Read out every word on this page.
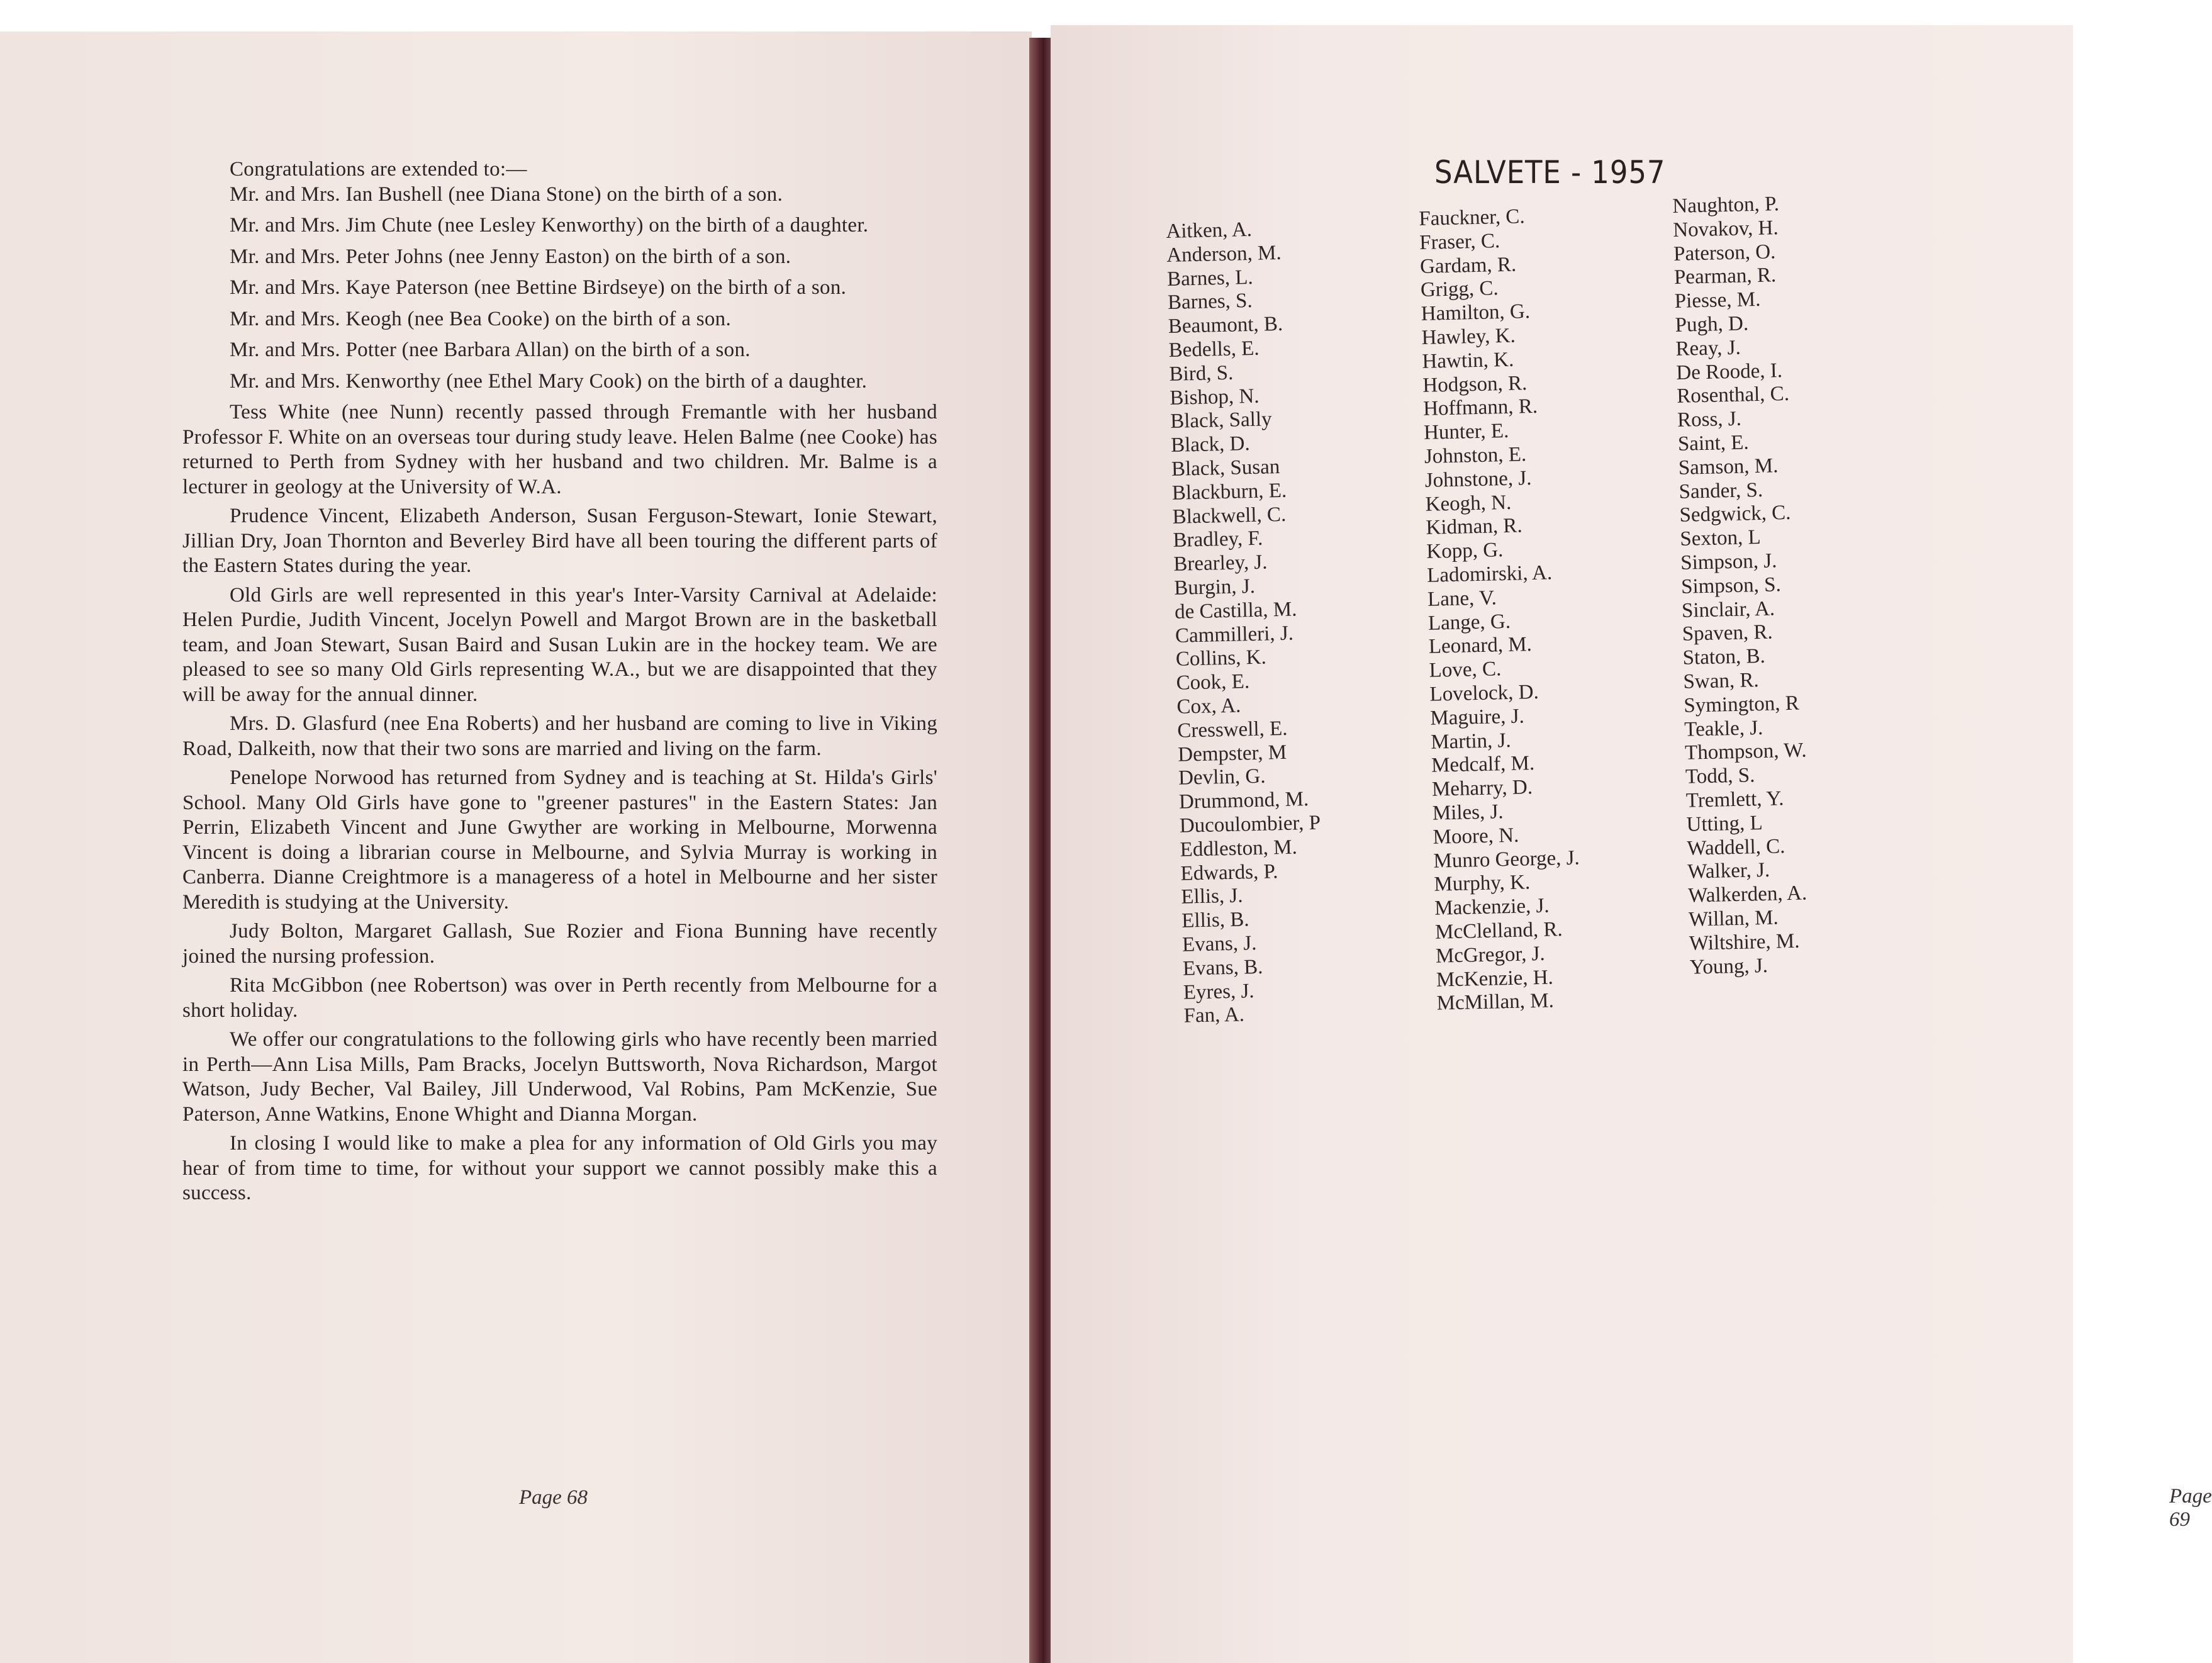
Congratulations are extended to:—

Mr. and Mrs. Ian Bushell (nee Diana Stone) on the birth of a son.

Mr. and Mrs. Jim Chute (nee Lesley Kenworthy) on the birth of a daughter.

Mr. and Mrs. Peter Johns (nee Jenny Easton) on the birth of a son.

Mr. and Mrs. Kaye Paterson (nee Bettine Birdseye) on the birth of a son.

Mr. and Mrs. Keogh (nee Bea Cooke) on the birth of a son.

Mr. and Mrs. Potter (nee Barbara Allan) on the birth of a son.

Mr. and Mrs. Kenworthy (nee Ethel Mary Cook) on the birth of a daughter.

Tess White (nee Nunn) recently passed through Fremantle with her husband Professor F. White on an overseas tour during study leave. Helen Balme (nee Cooke) has returned to Perth from Sydney with her husband and two children. Mr. Balme is a lecturer in geology at the University of W.A.

Prudence Vincent, Elizabeth Anderson, Susan Ferguson-Stewart, Ionie Stewart, Jillian Dry, Joan Thornton and Beverley Bird have all been touring the different parts of the Eastern States during the year.

Old Girls are well represented in this year's Inter-Varsity Carnival at Adelaide: Helen Purdie, Judith Vincent, Jocelyn Powell and Margot Brown are in the basketball team, and Joan Stewart, Susan Baird and Susan Lukin are in the hockey team. We are pleased to see so many Old Girls representing W.A., but we are disappointed that they will be away for the annual dinner.

Mrs. D. Glasfurd (nee Ena Roberts) and her husband are coming to live in Viking Road, Dalkeith, now that their two sons are married and living on the farm.

Penelope Norwood has returned from Sydney and is teaching at St. Hilda's Girls' School. Many Old Girls have gone to "greener pastures" in the Eastern States: Jan Perrin, Elizabeth Vincent and June Gwyther are working in Melbourne, Morwenna Vincent is doing a librarian course in Melbourne, and Sylvia Murray is working in Canberra. Dianne Creightmore is a manageress of a hotel in Melbourne and her sister Meredith is studying at the University.

Judy Bolton, Margaret Gallash, Sue Rozier and Fiona Bunning have recently joined the nursing profession.

Rita McGibbon (nee Robertson) was over in Perth recently from Melbourne for a short holiday.

We offer our congratulations to the following girls who have recently been married in Perth—Ann Lisa Mills, Pam Bracks, Jocelyn Buttsworth, Nova Richardson, Margot Watson, Judy Becher, Val Bailey, Jill Underwood, Val Robins, Pam McKenzie, Sue Paterson, Anne Watkins, Enone Whight and Dianna Morgan.

In closing I would like to make a plea for any information of Old Girls you may hear of from time to time, for without your support we cannot possibly make this a success.

Page 68
SALVETE - 1957
Aitken, A.
Anderson, M.
Barnes, L.
Barnes, S.
Beaumont, B.
Bedells, E.
Bird, S.
Bishop, N.
Black, Sally
Black, D.
Black, Susan
Blackburn, E.
Blackwell, C.
Bradley, F.
Brearley, J.
Burgin, J.
de Castilla, M.
Cammilleri, J.
Collins, K.
Cook, E.
Cox, A.
Cresswell, E.
Dempster, M
Devlin, G.
Drummond, M.
Ducoulombier, P
Eddleston, M.
Edwards, P.
Ellis, J.
Ellis, B.
Evans, J.
Evans, B.
Eyres, J.
Fan, A.
Fauckner, C.
Fraser, C.
Gardam, R.
Grigg, C.
Hamilton, G.
Hawley, K.
Hawtin, K.
Hodgson, R.
Hoffmann, R.
Hunter, E.
Johnston, E.
Johnstone, J.
Keogh, N.
Kidman, R.
Kopp, G.
Ladomirski, A.
Lane, V.
Lange, G.
Leonard, M.
Love, C.
Lovelock, D.
Maguire, J.
Martin, J.
Medcalf, M.
Meharry, D.
Miles, J.
Moore, N.
Munro George, J.
Murphy, K.
Mackenzie, J.
McClelland, R.
McGregor, J.
McKenzie, H.
McMillan, M.
Naughton, P.
Novakov, H.
Paterson, O.
Pearman, R.
Piesse, M.
Pugh, D.
Reay, J.
De Roode, I.
Rosenthal, C.
Ross, J.
Saint, E.
Samson, M.
Sander, S.
Sedgwick, C.
Sexton, L
Simpson, J.
Simpson, S.
Sinclair, A.
Spaven, R.
Staton, B.
Swan, R.
Symington, R
Teakle, J.
Thompson, W.
Todd, S.
Tremlett, Y.
Utting, L
Waddell, C.
Walker, J.
Walkerden, A.
Willan, M.
Wiltshire, M.
Young, J.
Page 69
